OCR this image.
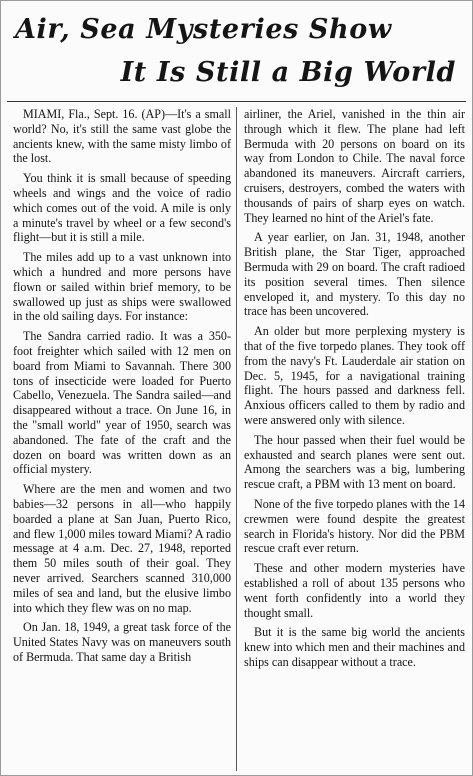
Air, Sea Mysteries Show
It Is Still a Big World

MIAMI, Fla., Sept. 16. (AP)—It's a small world? No, it's still the same vast globe the ancients knew, with the same misty limbo of the lost.

You think it is small because of speeding wheels and wings and the voice of radio which comes out of the void. A mile is only a minute's travel by wheel or a few second's flight—but it is still a mile.

The miles add up to a vast unknown into which a hundred and more persons have flown or sailed within brief memory, to be swallowed up just as ships were swallowed in the old sailing days. For instance:

The Sandra carried radio. It was a 350-foot freighter which sailed with 12 men on board from Miami to Savannah. There 300 tons of insecticide were loaded for Puerto Cabello, Venezuela. The Sandra sailed—and disappeared without a trace. On June 16, in the "small world" year of 1950, search was abandoned. The fate of the craft and the dozen on board was written down as an official mystery.

Where are the men and women and two babies—32 persons in all—who happily boarded a plane at San Juan, Puerto Rico, and flew 1,000 miles toward Miami? A radio message at 4 a.m. Dec. 27, 1948, reported them 50 miles south of their goal. They never arrived. Searchers scanned 310,000 miles of sea and land, but the elusive limbo into which they flew was on no map.

On Jan. 18, 1949, a great task force of the United States Navy was on maneuvers south of Bermuda. That same day a British

airliner, the Ariel, vanished in the thin air through which it flew. The plane had left Bermuda with 20 persons on board on its way from London to Chile. The naval force abandoned its maneuvers. Aircraft carriers, cruisers, destroyers, combed the waters with thousands of pairs of sharp eyes on watch. They learned no hint of the Ariel's fate.

A year earlier, on Jan. 31, 1948, another British plane, the Star Tiger, approached Bermuda with 29 on board. The craft radioed its position several times. Then silence enveloped it, and mystery. To this day no trace has been uncovered.

An older but more perplexing mystery is that of the five torpedo planes. They took off from the navy's Ft. Lauderdale air station on Dec. 5, 1945, for a navigational training flight. The hours passed and darkness fell. Anxious officers called to them by radio and were answered only with silence.

The hour passed when their fuel would be exhausted and search planes were sent out. Among the searchers was a big, lumbering rescue craft, a PBM with 13 ment on board.

None of the five torpedo planes with the 14 crewmen were found despite the greatest search in Florida's history. Nor did the PBM rescue craft ever return.

These and other modern mysteries have established a roll of about 135 persons who went forth confidently into a world they thought small.

But it is the same big world the ancients knew into which men and their machines and ships can disappear without a trace.
